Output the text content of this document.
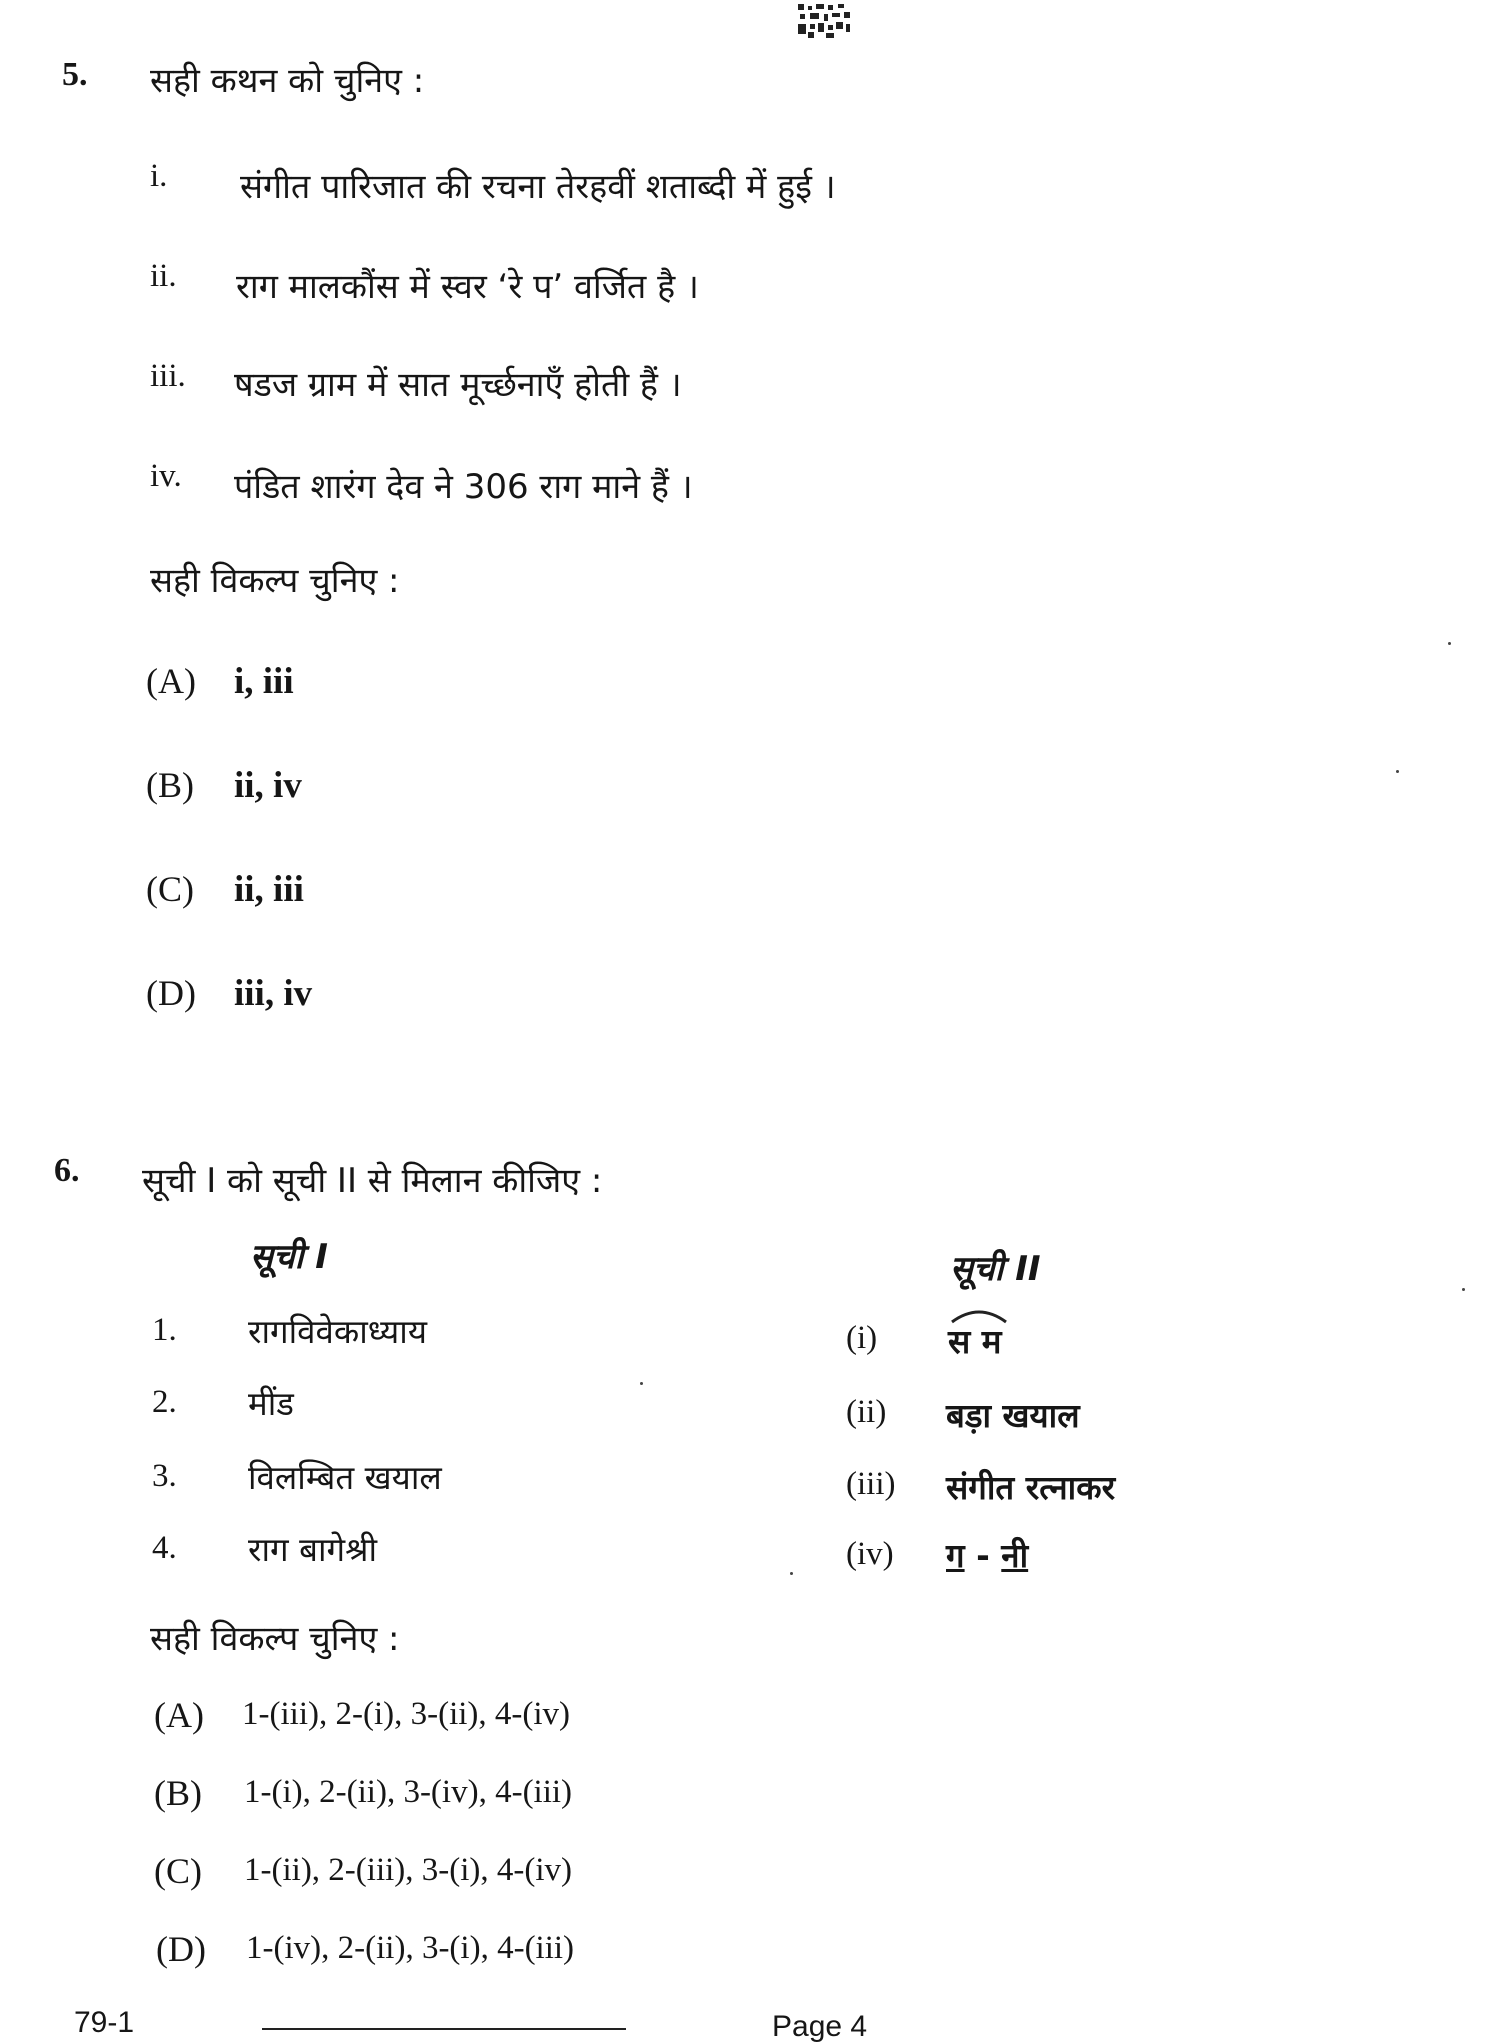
5. सही कथन को चुनिए :
i. संगीत पारिजात की रचना तेरहवीं शताब्दी में हुई ।
ii. राग मालकौंस में स्वर ‘रे प’ वर्जित है ।
iii. षडज ग्राम में सात मूर्च्छनाएँ होती हैं ।
iv. पंडित शारंग देव ने 306 राग माने हैं ।
सही विकल्प चुनिए :
(A) i, iii
(B) ii, iv
(C) ii, iii
(D) iii, iv
6. सूची I को सूची II से मिलान कीजिए :
सूची I	सूची II
1. रागविवेकाध्याय
2. मींड
3. विलम्बित खयाल
4. राग बागेश्री
(i) स म
(ii) बड़ा खयाल
(iii) संगीत रत्नाकर
(iv) ग - नी
सही विकल्प चुनिए :
(A) 1-(iii), 2-(i), 3-(ii), 4-(iv)
(B) 1-(i), 2-(ii), 3-(iv), 4-(iii)
(C) 1-(ii), 2-(iii), 3-(i), 4-(iv)
(D) 1-(iv), 2-(ii), 3-(i), 4-(iii)
79-1	Page 4
